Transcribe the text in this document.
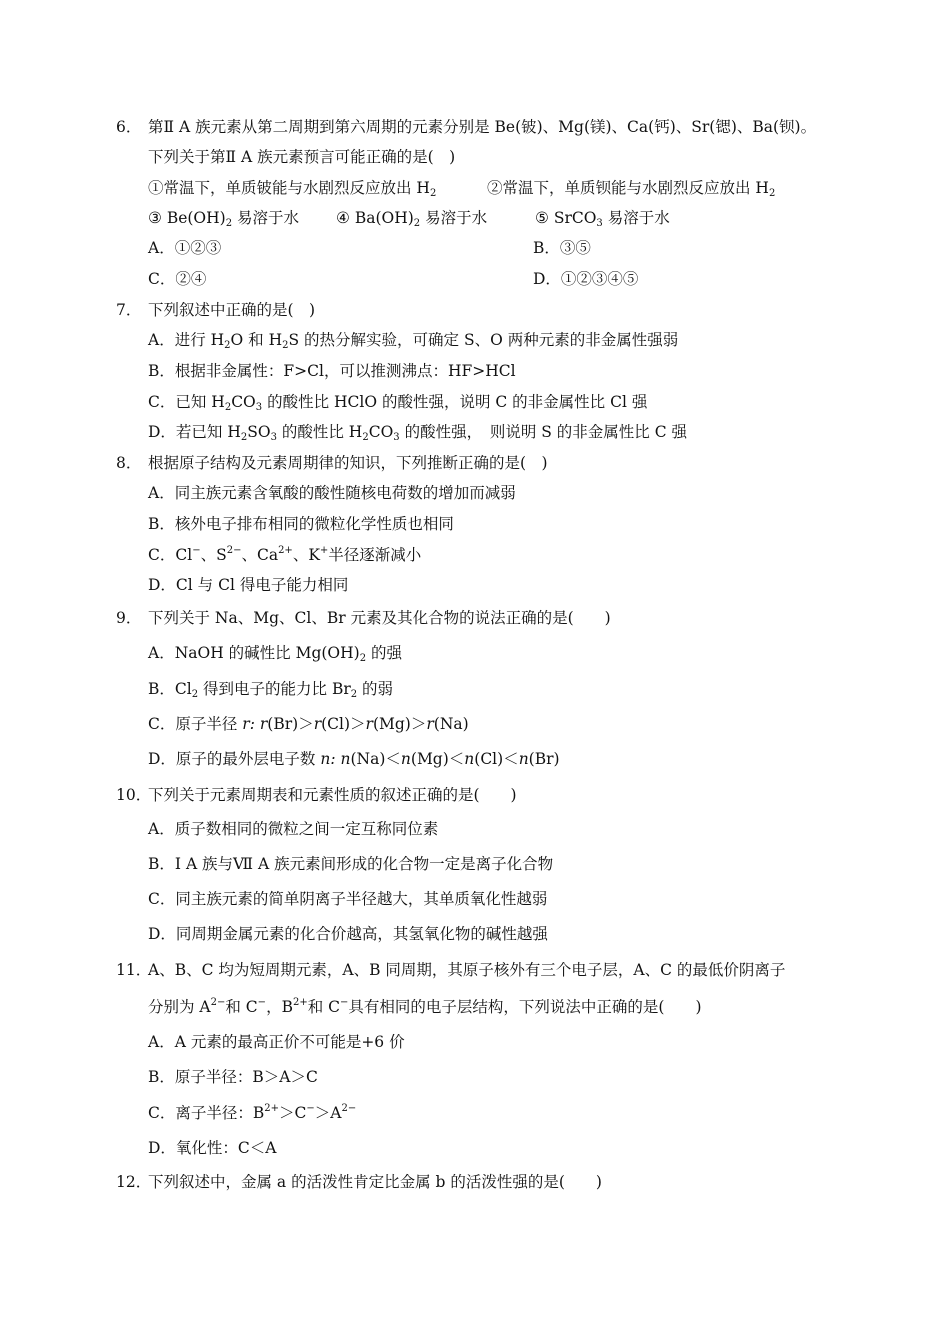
6． 第Ⅱ A 族元素从第二周期到第六周期的元素分别是 Be(铍)、Mg(镁)、Ca(钙)、Sr(锶)、Ba(钡)。
下列关于第Ⅱ A 族元素预言可能正确的是(　)
①常温下，单质铍能与水剧烈反应放出 $H_2$	②常温下，单质钡能与水剧烈反应放出 $H_2$
③ $Be(OH)_2$ 易溶于水 ④ $Ba(OH)_2$ 易溶于水	⑤ SrCO$_3$ 易溶于水
A．①②③	B．③⑤
C．②④	D．①②③④⑤
7． 下列叙述中正确的是(　)
A．进行 $H_2O$ 和 $H_2S$ 的热分解实验，可确定 S、O 两种元素的非金属性强弱
B．根据非金属性：F>Cl，可以推测沸点：HF>HCl
C．已知 $H_2CO_3$ 的酸性比 HClO 的酸性强，说明 C 的非金属性比 Cl 强
D．若已知 $H_2SO_3$ 的酸性比 $H_2CO_3$ 的酸性强，　则说明 S 的非金属性比 C 强
8． 根据原子结构及元素周期律的知识，下列推断正确的是(　)
A．同主族元素含氧酸的酸性随核电荷数的增加而减弱
B．核外电子排布相同的微粒化学性质也相同
C．Cl−、$S^{2-}$、$Ca^{2+}$、K+半径逐渐减小
D．Cl 与 Cl 得电子能力相同
9． 下列关于 Na、Mg、Cl、Br 元素及其化合物的说法正确的是(　　)
A．NaOH 的碱性比 $Mg(OH)_2$ 的强
B．$Cl_2$ 得到电子的能力比 $Br_2$ 的弱
C．原子半径 r: r(Br)＞r(Cl)＞r(Mg)＞r(Na)
D．原子的最外层电子数 n: n(Na)＜n(Mg)＜n(Cl)＜n(Br)
10．
下列关于元素周期表和元素性质的叙述正确的是(　　)
A．质子数相同的微粒之间一定互称同位素
B．Ⅰ A 族与Ⅶ A 族元素间形成的化合物一定是离子化合物
C．同主族元素的简单阴离子半径越大，其单质氧化性越弱
D．同周期金属元素的化合价越高，其氢氧化物的碱性越强
11．
A、B、C 均为短周期元素，A、B 同周期，其原子核外有三个电子层，A、C 的最低价阴离子
分别为 $A^{2-}$和 C−，$B^{2+}$和 C−具有相同的电子层结构，下列说法中正确的是(　　)
A．A 元素的最高正价不可能是+6 价
B．原子半径：B＞A＞C
C．离子半径：$B^{2+}>C^->A^{2-}$
D．氧化性：C＜A
12．
下列叙述中，金属 a 的活泼性肯定比金属 b 的活泼性强的是(　　)
